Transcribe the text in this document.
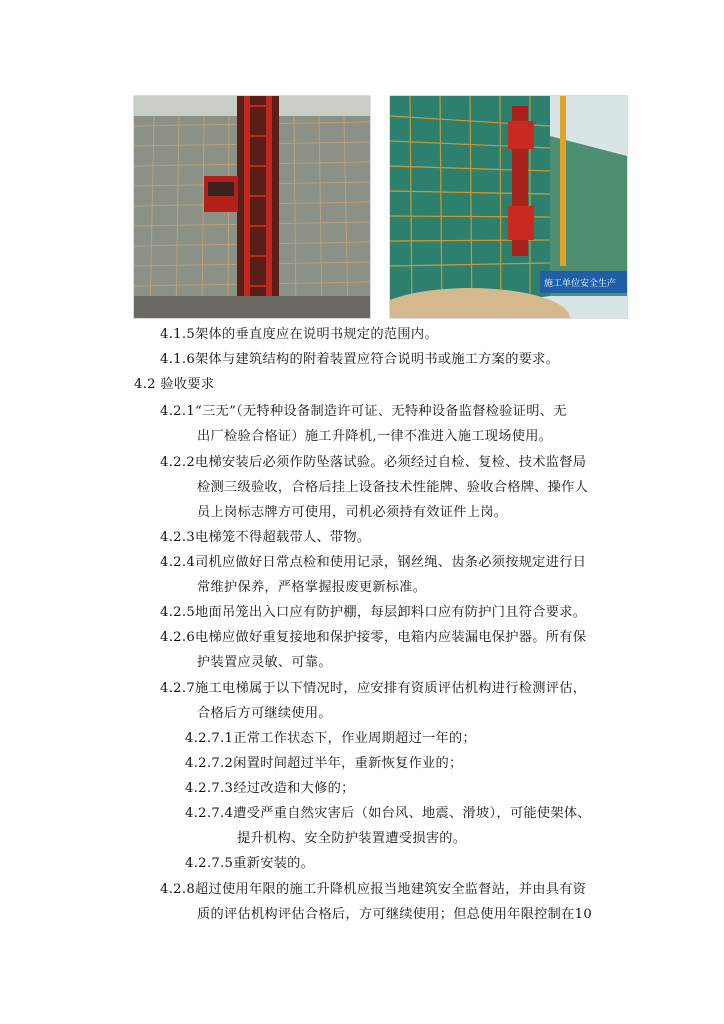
施工单位安全生产
4.1.5架体的垂直度应在说明书规定的范围内。
4.1.6架体与建筑结构的附着装置应符合说明书或施工方案的要求。
4.2 验收要求
4.2.1“三无”（无特种设备制造许可证、无特种设备监督检验证明、无
出厂检验合格证）施工升降机,一律不准进入施工现场使用。
4.2.2电梯安装后必须作防坠落试验。必须经过自检、复检、技术监督局
检测三级验收，合格后挂上设备技术性能牌、验收合格牌、操作人
员上岗标志牌方可使用，司机必须持有效证件上岗。
4.2.3电梯笼不得超载带人、带物。
4.2.4司机应做好日常点检和使用记录，钢丝绳、齿条必须按规定进行日
常维护保养，严格掌握报废更新标准。
4.2.5地面吊笼出入口应有防护棚，每层卸料口应有防护门且符合要求。
4.2.6电梯应做好重复接地和保护接零，电箱内应装漏电保护器。所有保
护装置应灵敏、可靠。
4.2.7施工电梯属于以下情况时，应安排有资质评估机构进行检测评估，
合格后方可继续使用。
4.2.7.1正常工作状态下，作业周期超过一年的；
4.2.7.2闲置时间超过半年，重新恢复作业的；
4.2.7.3经过改造和大修的；
4.2.7.4遭受严重自然灾害后（如台风、地震、滑坡），可能使架体、
提升机构、安全防护装置遭受损害的。
4.2.7.5重新安装的。
4.2.8超过使用年限的施工升降机应报当地建筑安全监督站，并由具有资
质的评估机构评估合格后，方可继续使用；但总使用年限控制在10
